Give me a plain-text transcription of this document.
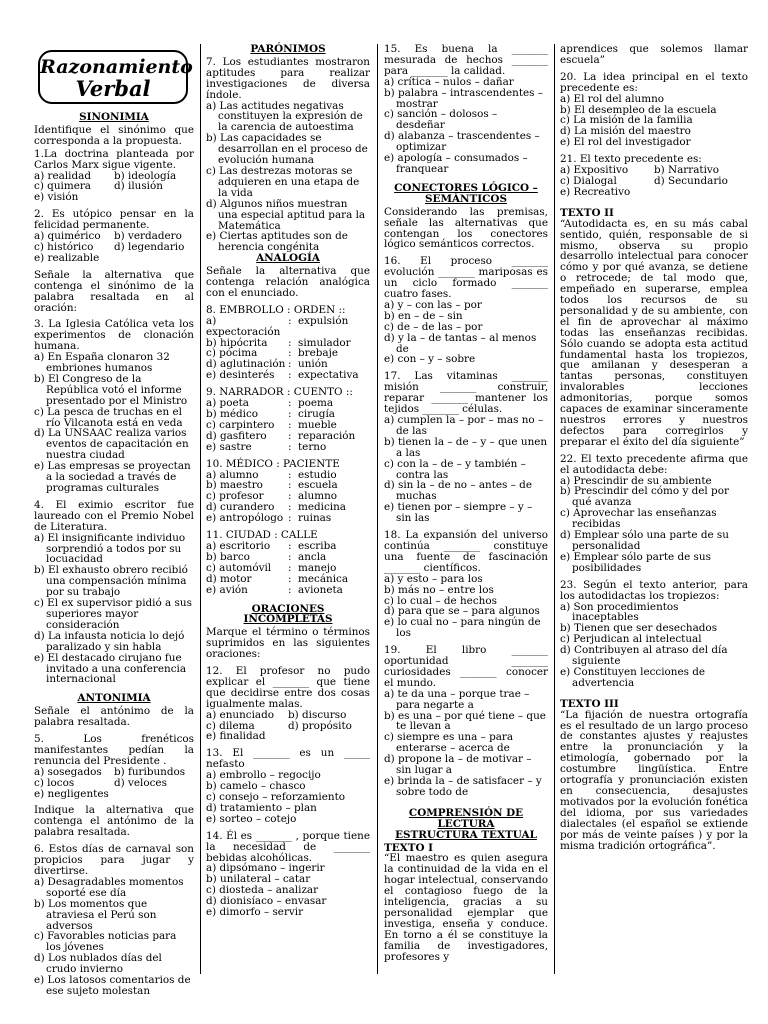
Razonamiento
Verbal
SINONIMIA

Identifique el sinónimo que corresponda a la propuesta.

1.La doctrina planteada por Carlos Marx sigue vigente.

a) realidad	b) ideología
c) quimera	d) ilusión
e) visión

2. Es utópico pensar en la felicidad permanente.

a) quimérico	b) verdadero
c) histórico	d) legendario
e) realizable

Señale la alternativa que contenga el sinónimo de la palabra resaltada en al oración:

3. La Iglesia Católica veta los experimentos de clonación humana.

a) En España clonaron 32 embriones humanos
b) El Congreso de la República votó el informe presentado por el Ministro
c) La pesca de truchas en el río Vilcanota está en veda
d) La UNSAAC realiza varios eventos de capacitación en nuestra ciudad
e) Las empresas se proyectan a la sociedad a través de programas culturales

4. El eximio escritor fue laureado con el Premio Nobel de Literatura.

a) El insignificante individuo sorprendió a todos por su locuacidad
b) El exhausto obrero recibió una compensación mínima por su trabajo
c) El ex supervisor pidió a sus superiores mayor consideración
d) La infausta noticia lo dejó paralizado y sin habla
e) El destacado cirujano fue invitado a una conferencia internacional
ANTONIMIA

Señale el antónimo de la palabra resaltada.

5. Los frenéticos manifestantes pedían la renuncia del Presidente .

a) sosegados	b) furibundos
c) locos	d) veloces
e) negligentes

Indique la alternativa que contenga el antónimo de la palabra resaltada.

6. Estos días de carnaval son propicios para jugar y divertirse.

a) Desagradables momentos soporté ese día
b) Los momentos que atraviesa el Perú son adversos
c) Favorables noticias para los jóvenes
d) Los nublados días del crudo invierno
e) Los latosos comentarios de ese sujeto molestan
PARÓNIMOS

7. Los estudiantes mostraron aptitudes para realizar investigaciones de diversa índole.

a) Las actitudes negativas constituyen la expresión de la carencia de autoestima
b) Las capacidades se desarrollan en el proceso de evolución humana
c) Las destrezas motoras se adquieren en una etapa de la vida
d) Algunos niños muestran una especial aptitud para la Matemática
e) Ciertas aptitudes son de herencia congénita
ANALOGÍA

Señale la alternativa que contenga relación analógica con el enunciado.

8. EMBROLLO : ORDEN ::

a) expectoración
: expulsión
b) hipócrita	: simulador
c) pócima	: brebaje
d) aglutinación : unión
e) desinterés	: expectativa

9. NARRADOR : CUENTO ::

a) poeta	: poema
b) médico	: cirugía
c) carpintero	: mueble
d) gasfitero	: reparación
e) sastre	: terno

10. MÉDICO : PACIENTE

a) alumno	: estudio
b) maestro	: escuela
c) profesor	: alumno
d) curandero	: medicina
e) antropólogo : ruinas

11. CIUDAD : CALLE

a) escritorio	: escriba
b) barco	: ancla
c) automóvil	: manejo
d) motor	: mecánica
e) avión	: avioneta
ORACIONES INCOMPLETAS

Marque el término o términos suprimidos en las siguientes oraciones:

12. El profesor no pudo explicar el _______ que tiene que decidirse entre dos cosas igualmente malas.

a) enunciado	b) discurso
c) dilema	d) propósito
e) finalidad

13. El _______ es un _____ nefasto

a) embrollo – regocijo
b) camelo – chasco
c) consejo – reforzamiento
d) tratamiento – plan
e) sorteo – cotejo

14. Él es _______ , porque tiene la necesidad de _______ bebidas alcohólicas.

a) dipsómano – ingerir
b) unilateral – catar
c) diosteda – analizar
d) dionisíaco – envasar
e) dimorfo – servir

15. Es buena la _______ mesurada de hechos _______ para _______ la calidad.

a) crítica – nulos – dañar
b) palabra – intrascendentes – mostrar
c) sanción – dolosos – desdeñar
d) alabanza – trascendentes – optimizar
e) apología – consumados – franquear
CONECTORES LÓGICO –
SEMÁNTICOS

Considerando las premisas, señale las alternativas que contengan los conectores lógico semánticos correctos.

16. El proceso _______ evolución _______ mariposas es un ciclo formado _______ cuatro fases.

a) y – con las – por
b) en – de – sin
c) de – de las – por
d) y la – de tantas – al menos de
e) con – y – sobre

17. Las vitaminas _______ misión _______ construir, reparar _______ mantener los tejidos _______ células.

a) cumplen la – por – mas no – de las
b) tienen la – de – y – que unen a las
c) con la – de – y también – contra las
d) sin la – de no – antes – de muchas
e) tienen por – siempre – y – sin las

18. La expansión del universo continúa _______ constituye una fuente de fascinación _______ científicos.

a) y esto – para los
b) más no – entre los
c) lo cual – de hechos
d) para que se – para algunos
e) lo cual no – para ningún de los

19. El libro _______ oportunidad _______ curiosidades _______ conocer el mundo.

a) te da una – porque trae – para negarte a
b) es una – por qué tiene – que te llevan a
c) siempre es una – para enterarse – acerca de
d) propone la – de motivar – sin lugar a
e) brinda la – de satisfacer – y sobre todo de
COMPRENSIÓN DE
LECTURA
ESTRUCTURA TEXTUAL
TEXTO I

“El maestro es quien asegura la continuidad de la vida en el hogar intelectual, conservando el contagioso fuego de la inteligencia, gracias a su personalidad ejemplar que investiga, enseña y conduce. En torno a él se constituye la familia de investigadores, profesores y

aprendices que solemos llamar escuela”

20. La idea principal en el texto precedente es:

a) El rol del alumno
b) El desempleo de la escuela
c) La misión de la familia
d) La misión del maestro
e) El rol del investigador

21. El texto precedente es:

a) Expositivo	b) Narrativo
c) Dialogal	d) Secundario
e) Recreativo
TEXTO II

“Autodidacta es, en su más cabal sentido, quién, responsable de si mismo, observa su propio desarrollo intelectual para conocer cómo y por qué avanza, se detiene o retrocede; de tal modo que, empeñado en superarse, emplea todos los recursos de su personalidad y de su ambiente, con el fin de aprovechar al máximo todas las enseñanzas recibidas. Sólo cuando se adopta esta actitud fundamental hasta los tropiezos, que amilanan y desesperan a tantas personas, constituyen invalorables lecciones admonitorias, porque somos capaces de examinar sinceramente nuestros errores y nuestros defectos para corregirlos y preparar el éxito del día siguiente”

22. El texto precedente afirma que el autodidacta debe:

a) Prescindir de su ambiente
b) Prescindir del cómo y del por qué avanza
c) Aprovechar las enseñanzas recibidas
d) Emplear sólo una parte de su personalidad
e) Emplear sólo parte de sus posibilidades

23. Según el texto anterior, para los autodidactas los tropiezos:

a) Son procedimientos inaceptables
b) Tienen que ser desechados
c) Perjudican al intelectual
d) Contribuyen al atraso del día siguiente
e) Constituyen lecciones de advertencia
TEXTO III

“La fijación de nuestra ortografía es el resultado de un largo proceso de constantes ajustes y reajustes entre la pronunciación y la etimología, gobernado por la costumbre lingüística. Entre ortografía y pronunciación existen en consecuencia, desajustes motivados por la evolución fonética del idioma, por sus variedades dialectales (el español se extiende por más de veinte países ) y por la misma tradición ortográfica”.
